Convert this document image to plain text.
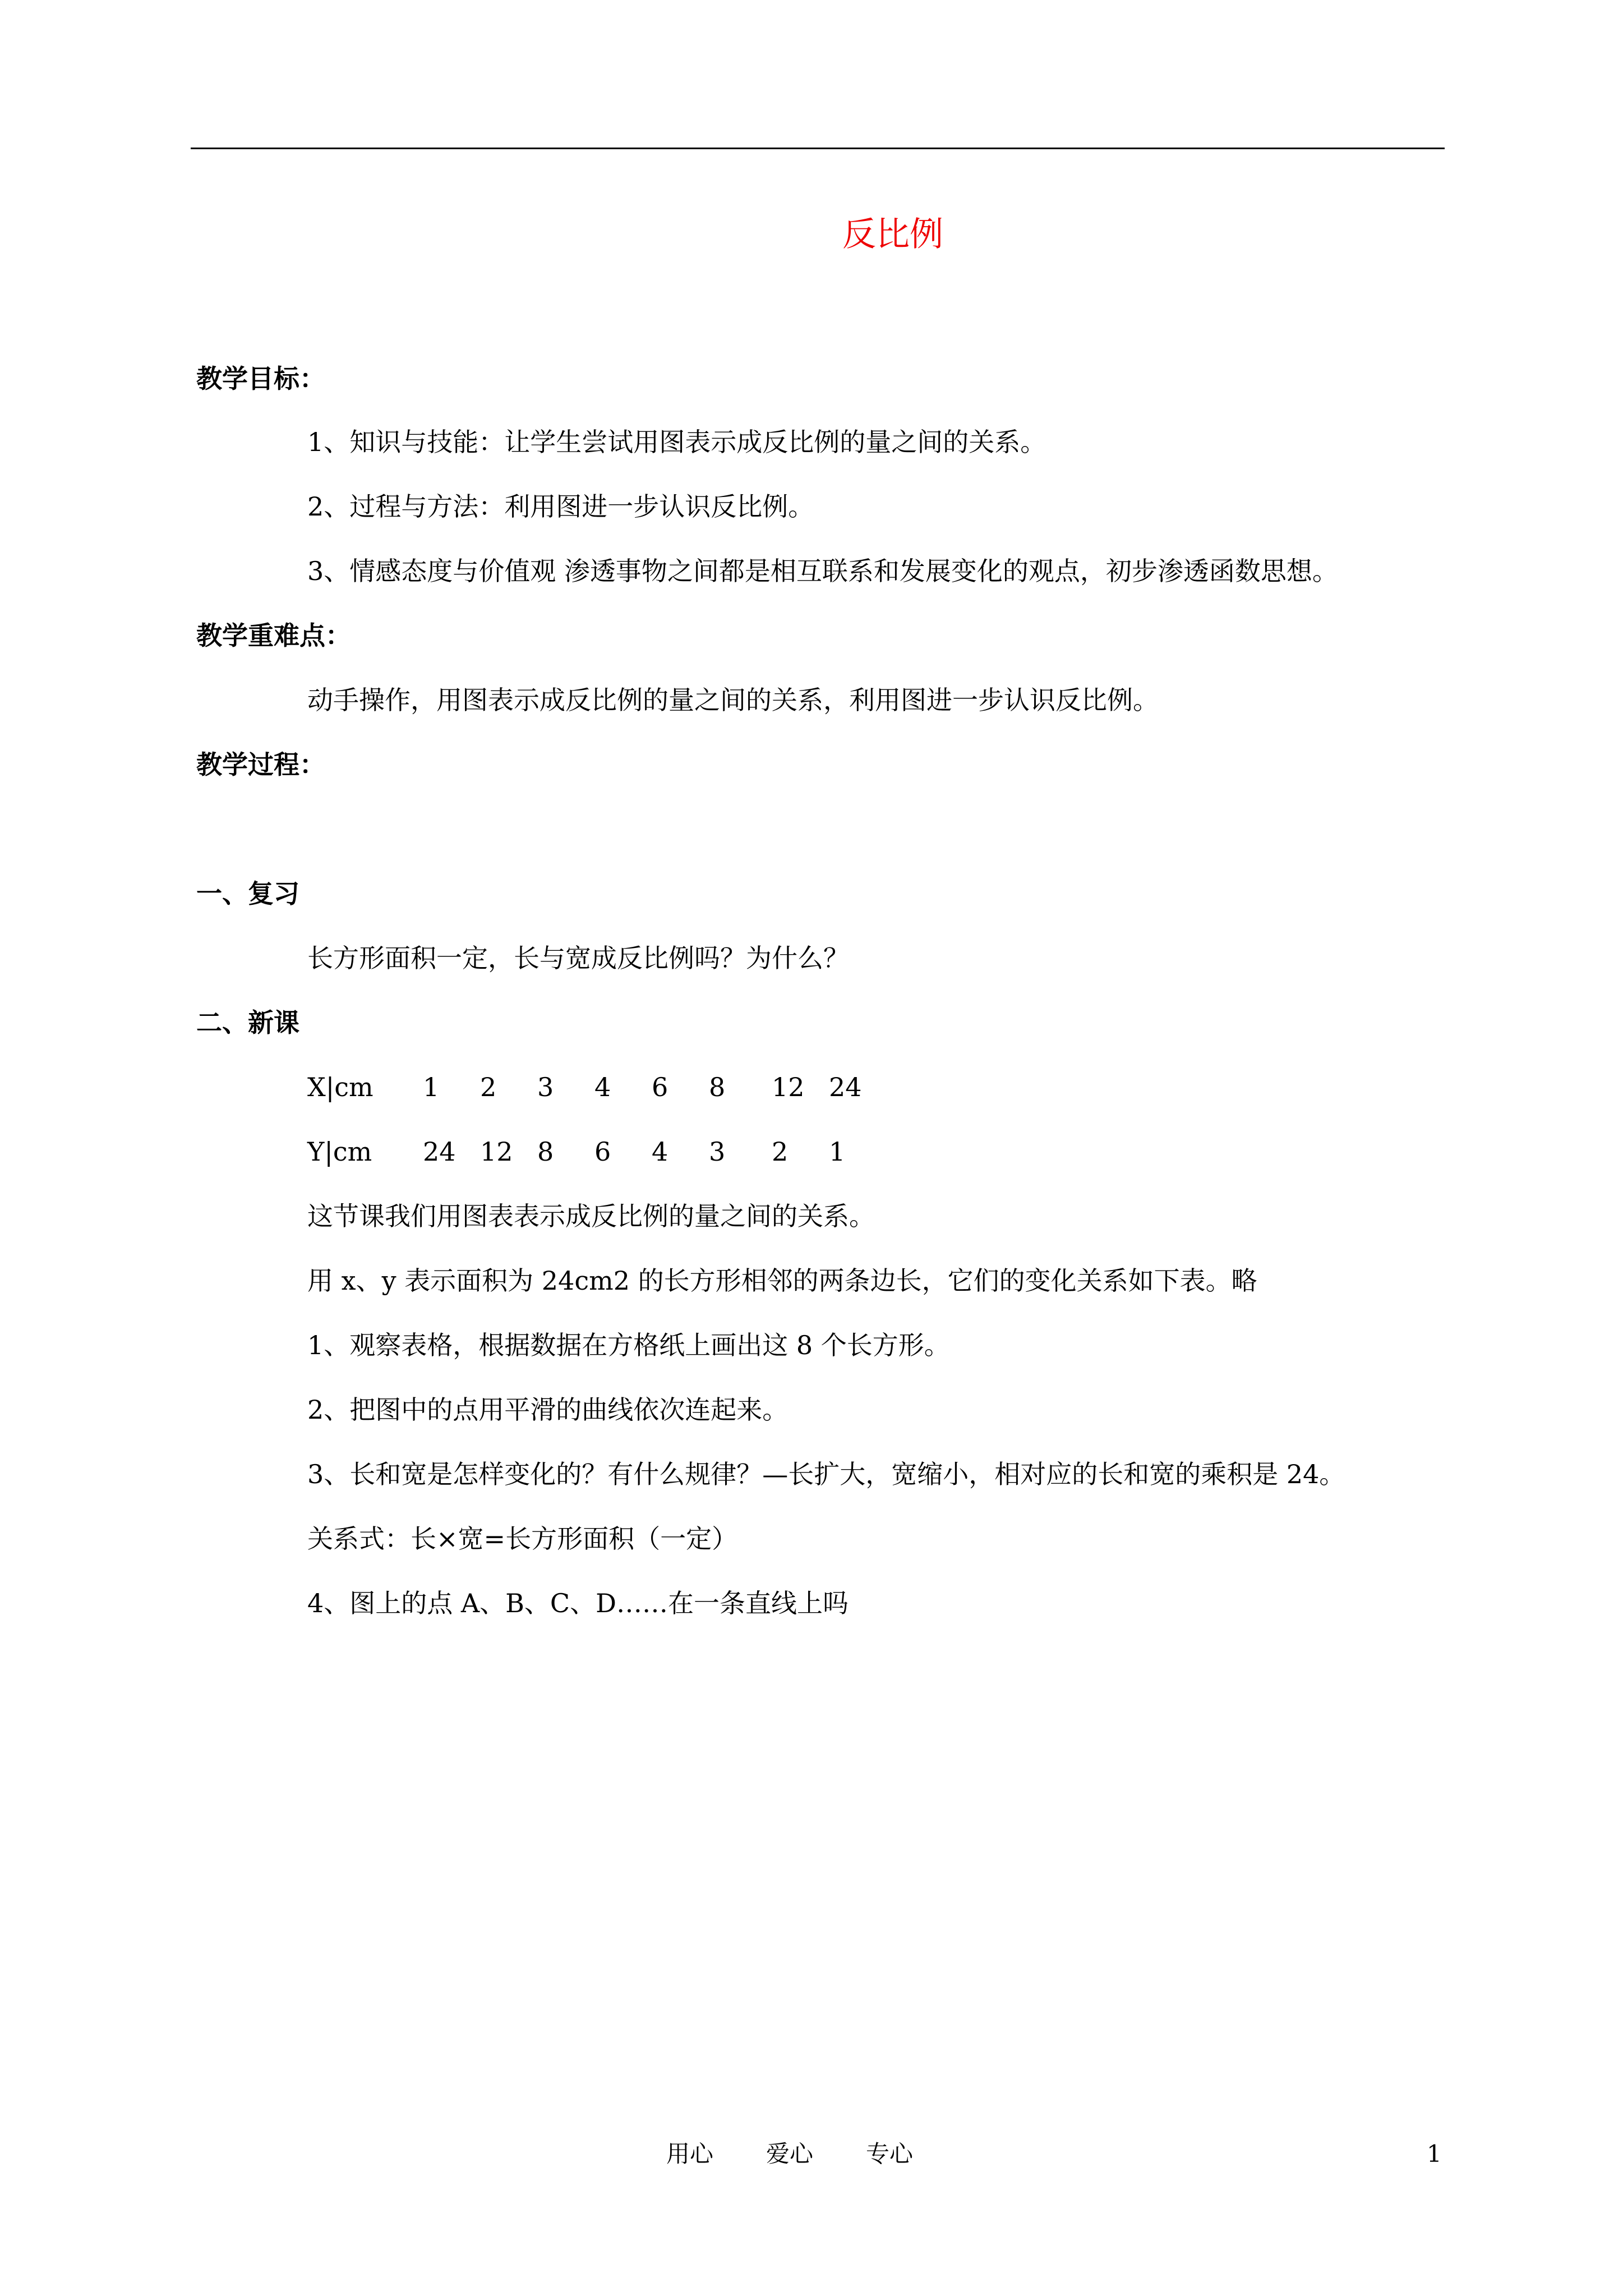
反比例
教学目标：
1、知识与技能：让学生尝试用图表示成反比例的量之间的关系。
2、过程与方法：利用图进一步认识反比例。
3、情感态度与价值观 渗透事物之间都是相互联系和发展变化的观点，初步渗透函数思想。
教学重难点：
动手操作，用图表示成反比例的量之间的关系，利用图进一步认识反比例。
教学过程：
一、复习
长方形面积一定，长与宽成反比例吗？为什么？
二、新课
X|cm 1 2 3 4 6 8 12 24
Y|cm 24 12 8 6 4 3 2 1
这节课我们用图表表示成反比例的量之间的关系。
用 x、y 表示面积为 24cm2 的长方形相邻的两条边长，它们的变化关系如下表。略
1、观察表格，根据数据在方格纸上画出这 8 个长方形。
2、把图中的点用平滑的曲线依次连起来。
3、长和宽是怎样变化的？有什么规律？—长扩大，宽缩小，相对应的长和宽的乘积是 24。
关系式：长×宽=长方形面积（一定）
4、图上的点 A、B、C、D……在一条直线上吗
用心 爱心 专心	1
